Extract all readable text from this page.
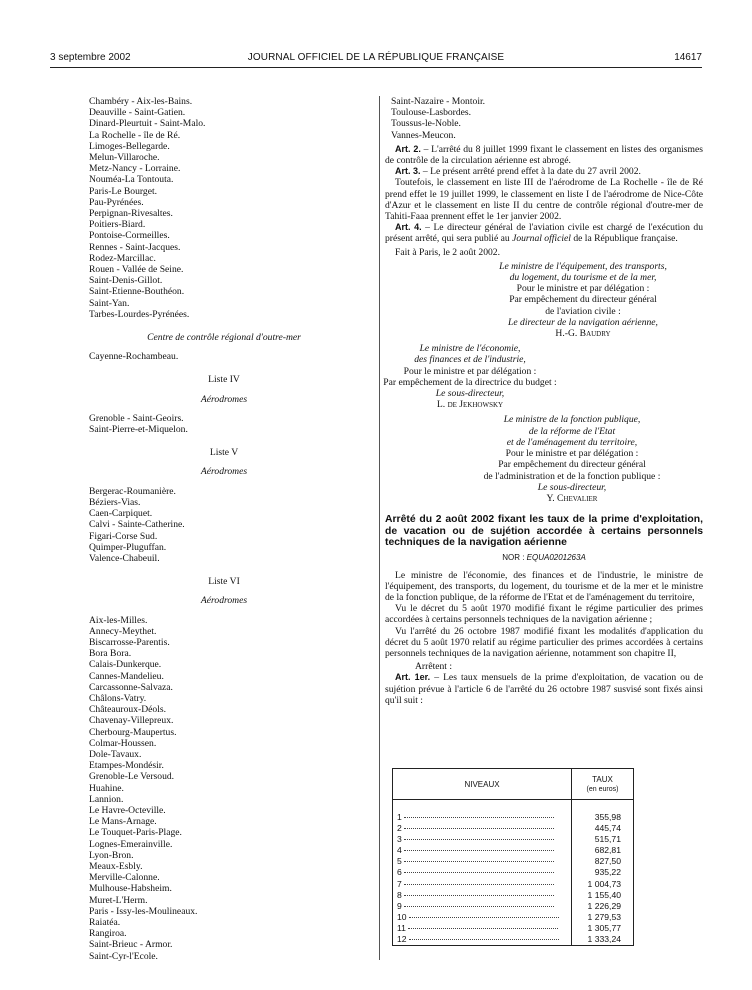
3 septembre 2002	JOURNAL OFFICIEL DE LA RÉPUBLIQUE FRANÇAISE	14617
Chambéry - Aix-les-Bains.
Deauville - Saint-Gatien.
Dinard-Pleurtuit - Saint-Malo.
La Rochelle - île de Ré.
Limoges-Bellegarde.
Melun-Villaroche.
Metz-Nancy - Lorraine.
Nouméa-La Tontouta.
Paris-Le Bourget.
Pau-Pyrénées.
Perpignan-Rivesaltes.
Poitiers-Biard.
Pontoise-Cormeilles.
Rennes - Saint-Jacques.
Rodez-Marcillac.
Rouen - Vallée de Seine.
Saint-Denis-Gillot.
Saint-Etienne-Bouthéon.
Saint-Yan.
Tarbes-Lourdes-Pyrénées.
Centre de contrôle régional d'outre-mer
Cayenne-Rochambeau.
Liste IV
Aérodromes
Grenoble - Saint-Geoirs.
Saint-Pierre-et-Miquelon.
Liste V
Aérodromes
Bergerac-Roumanière.
Béziers-Vias.
Caen-Carpiquet.
Calvi - Sainte-Catherine.
Figari-Corse Sud.
Quimper-Pluguffan.
Valence-Chabeuil.
Liste VI
Aérodromes
Aix-les-Milles.
Annecy-Meythet.
Biscarrosse-Parentis.
Bora Bora.
Calais-Dunkerque.
Cannes-Mandelieu.
Carcassonne-Salvaza.
Châlons-Vatry.
Châteauroux-Déols.
Chavenay-Villepreux.
Cherbourg-Maupertus.
Colmar-Houssen.
Dole-Tavaux.
Etampes-Mondésir.
Grenoble-Le Versoud.
Huahine.
Lannion.
Le Havre-Octeville.
Le Mans-Arnage.
Le Touquet-Paris-Plage.
Lognes-Emerainville.
Lyon-Bron.
Meaux-Esbly.
Merville-Calonne.
Mulhouse-Habsheim.
Muret-L'Herm.
Paris - Issy-les-Moulineaux.
Raiatéa.
Rangiroa.
Saint-Brieuc - Armor.
Saint-Cyr-l'Ecole.
Saint-Nazaire - Montoir.
Toulouse-Lasbordes.
Toussus-le-Noble.
Vannes-Meucon.

Art. 2. – L'arrêté du 8 juillet 1999 fixant le classement en listes des organismes de contrôle de la circulation aérienne est abrogé.

Art. 3. – Le présent arrêté prend effet à la date du 27 avril 2002.

Toutefois, le classement en liste III de l'aérodrome de La Rochelle - île de Ré prend effet le 19 juillet 1999, le classement en liste I de l'aérodrome de Nice-Côte d'Azur et le classement en liste II du centre de contrôle régional d'outre-mer de Tahiti-Faaa prennent effet le 1er janvier 2002.

Art. 4. – Le directeur général de l'aviation civile est chargé de l'exécution du présent arrêté, qui sera publié au Journal officiel de la République française.

Fait à Paris, le 2 août 2002.

Le ministre de l'équipement, des transports,
du logement, du tourisme et de la mer,
Pour le ministre et par délégation :
Par empêchement du directeur général
de l'aviation civile :
Le directeur de la navigation aérienne,
H.-G. Baudry
Le ministre de l'économie,
des finances et de l'industrie,
Pour le ministre et par délégation :
Par empêchement de la directrice du budget :
Le sous-directeur,
L. de Jekhowsky
Le ministre de la fonction publique,
de la réforme de l'Etat
et de l'aménagement du territoire,
Pour le ministre et par délégation :
Par empêchement du directeur général
de l'administration et de la fonction publique :
Le sous-directeur,
Y. Chevalier
Arrêté du 2 août 2002 fixant les taux de la prime d'exploitation, de vacation ou de sujétion accordée à certains personnels techniques de la navigation aérienne
NOR : EQUA0201263A

Le ministre de l'économie, des finances et de l'industrie, le ministre de l'équipement, des transports, du logement, du tourisme et de la mer et le ministre de la fonction publique, de la réforme de l'Etat et de l'aménagement du territoire,

Vu le décret du 5 août 1970 modifié fixant le régime particulier des primes accordées à certains personnels techniques de la navigation aérienne ;

Vu l'arrêté du 26 octobre 1987 modifié fixant les modalités d'application du décret du 5 août 1970 relatif au régime particulier des primes accordées à certains personnels techniques de la navigation aérienne, notamment son chapitre II,

Arrêtent :

Art. 1er. – Les taux mensuels de la prime d'exploitation, de vacation ou de sujétion prévue à l'article 6 de l'arrêté du 26 octobre 1987 susvisé sont fixés ainsi qu'il suit :

NIVEAUX	TAUX
(en euros)

1	355,98
2	445,74
3	515,71
4	682,81
5	827,50
6	935,22
7	1 004,73
8	1 155,40
9	1 226,29
10	1 279,53
11	1 305,77
12	1 333,24
